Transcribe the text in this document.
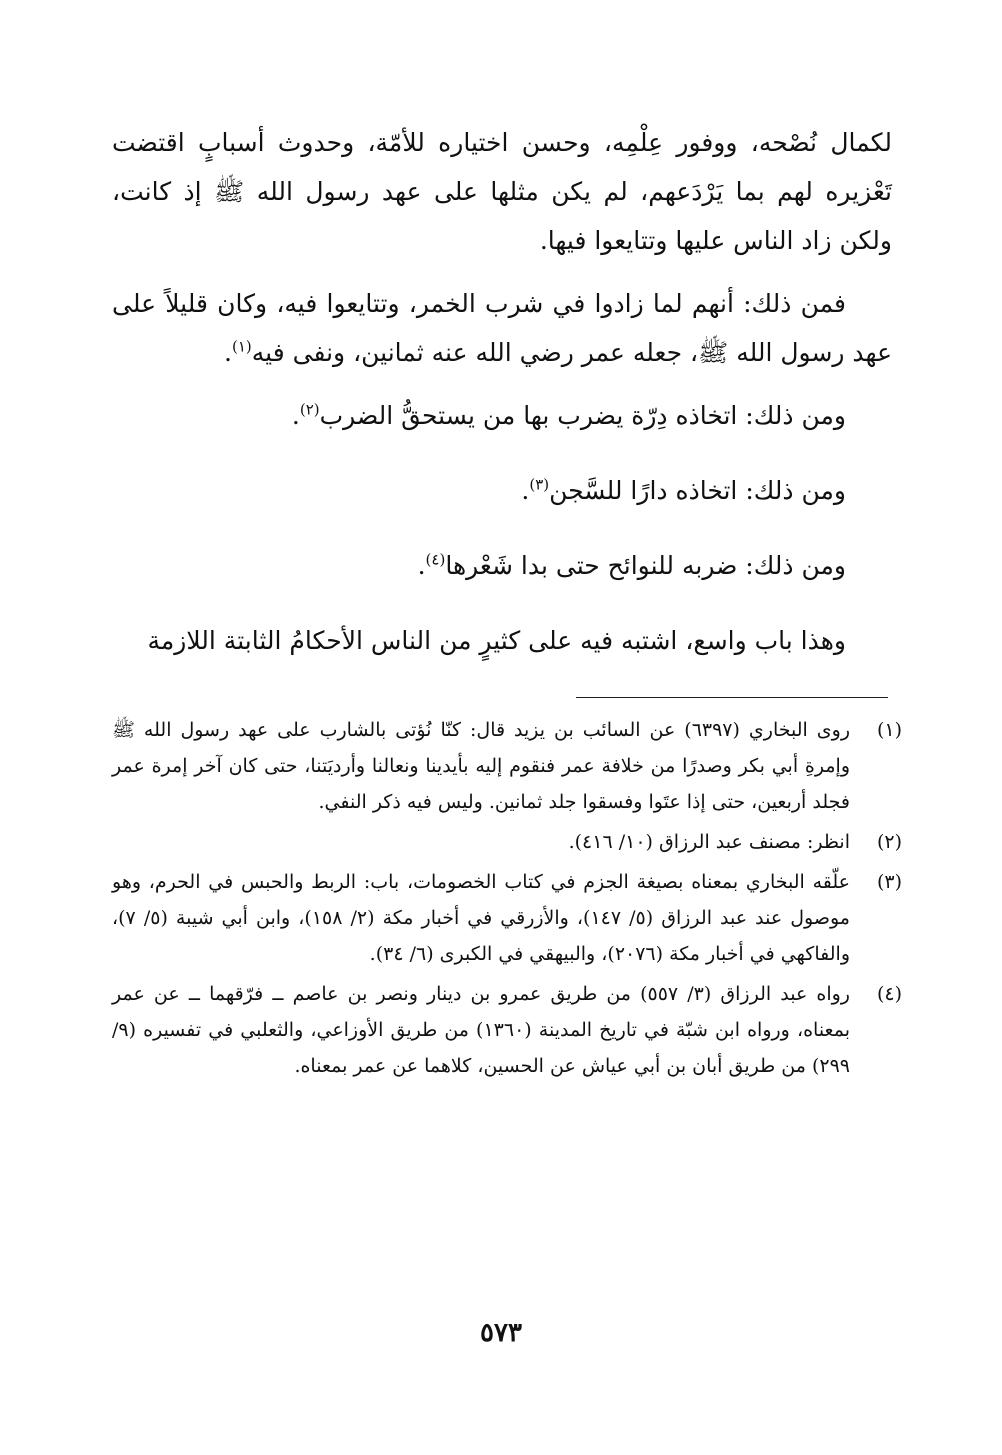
لكمال نُصْحه، ووفور عِلْمِه، وحسن اختياره للأمّة، وحدوث أسبابٍ اقتضت تَعْزيره لهم بما يَرْدَعهم، لم يكن مثلها على عهد رسول الله ﷺ إذ كانت، ولكن زاد الناس عليها وتتايعوا فيها.

فمن ذلك: أنهم لما زادوا في شرب الخمر، وتتايعوا فيه، وكان قليلاً على عهد رسول الله ﷺ، جعله عمر رضي الله عنه ثمانين، ونفى فيه$^{(١)}$.

ومن ذلك: اتخاذه دِرّة يضرب بها من يستحقُّ الضرب$^{(٢)}$.

ومن ذلك: اتخاذه دارًا للسَّجن$^{(٣)}$.

ومن ذلك: ضربه للنوائح حتى بدا شَعْرها$^{(٤)}$.

وهذا باب واسع، اشتبه فيه على كثيرٍ من الناس الأحكامُ الثابتة اللازمة

(١)
روى البخاري (٦٣٩٧) عن السائب بن يزيد قال: كنّا نُؤتى بالشارب على عهد رسول الله ﷺ وإمرةِ أبي بكر وصدرًا من خلافة عمر فنقوم إليه بأيدينا ونعالنا وأرديَتنا، حتى كان آخر إمرة عمر فجلد أربعين، حتى إذا عتَوا وفسقوا جلد ثمانين. وليس فيه ذكر النفي.
(٢)
انظر: مصنف عبد الرزاق (١٠/ ٤١٦).
(٣)
علّقه البخاري بمعناه بصيغة الجزم في كتاب الخصومات، باب: الربط والحبس في الحرم، وهو موصول عند عبد الرزاق (٥/ ١٤٧)، والأزرقي في أخبار مكة (٢/ ١٥٨)، وابن أبي شيبة (٥/ ٧)، والفاكهي في أخبار مكة (٢٠٧٦)، والبيهقي في الكبرى (٦/ ٣٤).
(٤)
رواه عبد الرزاق (٣/ ٥٥٧) من طريق عمرو بن دينار ونصر بن عاصم ــ فرّقهما ــ عن عمر بمعناه، ورواه ابن شبّة في تاريخ المدينة (١٣٦٠) من طريق الأوزاعي، والثعلبي في تفسيره (٩/ ٢٩٩) من طريق أبان بن أبي عياش عن الحسين، كلاهما عن عمر بمعناه.
٥٧٣
